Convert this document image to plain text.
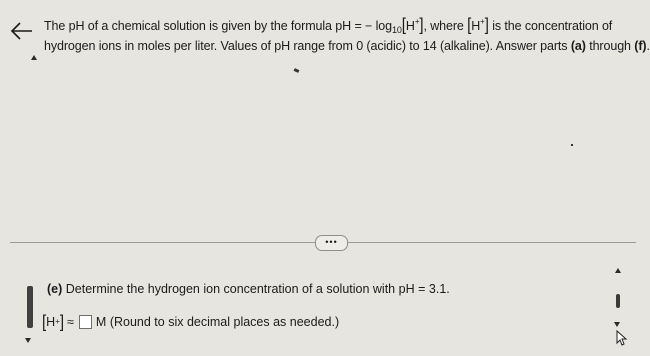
The pH of a chemical solution is given by the formula pH = − $\log_{10}[H^+]$, where [H+] is the concentration of
hydrogen ions in moles per liter. Values of pH range from 0 (acidic) to 14 (alkaline). Answer parts (a) through (f).
•••
(e) Determine the hydrogen ion concentration of a solution with pH = 3.1.
[ H + ] ≈ M
(Round to six decimal places as needed.)
